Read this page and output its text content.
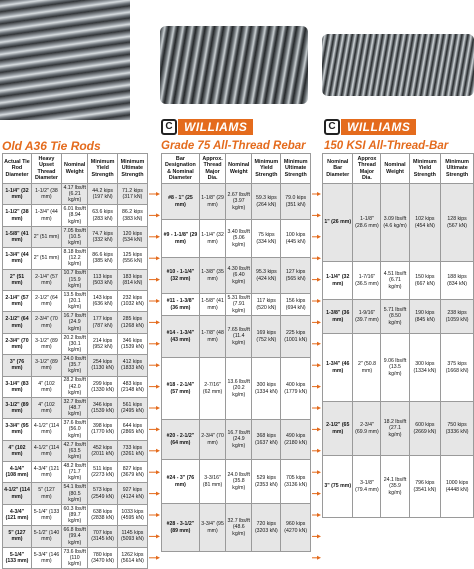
Old A36 Tie Rods
C WILLIAMS
Grade 75 All-Thread Rebar
C WILLIAMS
150 KSI All-Thread-Bar
Actual Tie Rod Diameter	Heavy Upset Thread Diameter	Nominal Weight	Minimum Yield Strength	Minimum Ultimate Strength
1-1/4" (32 mm)	1-1/2" (38 mm)	4.17 lbs/ft (6.21 kg/m)	44.2 kips (197 kN)	71.2 kips (317 kN)
1-1/2" (38 mm)	1-3/4" (44 mm)	6.01 lbs/ft (8.94 kg/m)	63.6 kips (283 kN)	86.2 kips (383 kN)
1-5/8" (41 mm)	2" (51 mm)	7.05 lbs/ft (10.5 kg/m)	74.7 kips (332 kN)	120 kips (534 kN)
1-3/4" (44 mm)	2" (51 mm)	8.18 lbs/ft (12.2 kg/m)	86.6 kips (385 kN)	125 kips (556 kN)
2" (51 mm)	2-1/4" (57 mm)	10.7 lbs/ft (15.9 kg/m)	113 kips (503 kN)	183 kips (814 kN)
2-1/4" (57 mm)	2-1/2" (64 mm)	13.5 lbs/ft (20.1 kg/m)	143 kips (636 kN)	232 kips (1032 kN)
2-1/2" (64 mm)	2-3/4" (70 mm)	16.7 lbs/ft (24.9 kg/m)	177 kips (787 kN)	285 kips (1268 kN)
2-3/4" (70 mm)	3-1/2" (89 mm)	20.2 lbs/ft (30.1 kg/m)	214 kips (952 kN)	346 kips (1539 kN)
3" (76 mm)	3-1/2" (89 mm)	24.0 lbs/ft (35.7 kg/m)	254 kips (1130 kN)	412 kips (1833 kN)
3-1/4" (83 mm)	4" (102 mm)	28.2 lbs/ft (42.0 kg/m)	299 kips (1330 kN)	483 kips (2148 kN)
3-1/2" (89 mm)	4" (102 mm)	32.7 lbs/ft (48.7 kg/m)	346 kips (1539 kN)	561 kips (2495 kN)
3-3/4" (95 mm)	4-1/2" (114 mm)	37.6 lbs/ft (56.0 kg/m)	398 kips (1770 kN)	644 kips (2865 kN)
4" (102 mm)	4-1/2" (114 mm)	42.7 lbs/ft (63.5 kg/m)	452 kips (2011 kN)	733 kips (3261 kN)
4-1/4" (108 mm)	4-3/4" (121 mm)	48.2 lbs/ft (71.7 kg/m)	511 kips (2273 kN)	827 kips (3679 kN)
4-1/2" (114 mm)	5" (127 mm)	54.1 lbs/ft (80.5 kg/m)	573 kips (2549 kN)	927 kips (4124 kN)
4-3/4" (121 mm)	5-1/4" (133 mm)	60.3 lbs/ft (89.7 kg/m)	638 kips (2838 kN)	1033 kips (4595 kN)
5" (127 mm)	5-1/2" (140 mm)	66.8 lbs/ft (99.4 kg/m)	707 kips (3145 kN)	1145 kips (5093 kN)
5-1/4" (133 mm)	5-3/4" (146 mm)	73.6 lbs/ft (110 kg/m)	780 kips (3470 kN)	1262 kips (5614 kN)
Bar Designation & Nominal Diameter	Approx. Thread Major Dia.	Nominal Weight	Minimum Yield Strength	Minimum Ultimate Strength
#8 - 1" (25 mm)	1-1/8" (29 mm)	2.67 lbs/ft (3.97 kg/m)	59.3 kips (264 kN)	79.0 kips (351 kN)
#9 - 1-1/8" (29 mm)	1-1/4" (32 mm)	3.40 lbs/ft (5.06 kg/m)	75 kips (334 kN)	100 kips (445 kN)
#10 - 1-1/4" (32 mm)	1-3/8" (35 mm)	4.30 lbs/ft (6.40 kg/m)	95.3 kips (424 kN)	127 kips (565 kN)
#11 - 1-3/8" (36 mm)	1-5/8" (41 mm)	5.31 lbs/ft (7.91 kg/m)	117 kips (520 kN)	156 kips (694 kN)
#14 - 1-3/4" (43 mm)	1-7/8" (48 mm)	7.65 lbs/ft (11.4 kg/m)	169 kips (752 kN)	225 kips (1001 kN)
#18 - 2-1/4" (57 mm)	2-7/16" (62 mm)	13.6 lbs/ft (20.2 kg/m)	300 kips (1334 kN)	400 kips (1779 kN)
#20 - 2-1/2" (64 mm)	2-3/4" (70 mm)	16.7 lbs/ft (24.9 kg/m)	368 kips (1637 kN)	490 kips (2180 kN)
#24 - 3" (76 mm)	3-3/16" (81 mm)	24.0 lbs/ft (35.8 kg/m)	529 kips (2353 kN)	705 kips (3136 kN)
#28 - 3-1/2" (89 mm)	3-3/4" (95 mm)	32.7 lbs/ft (48.6 kg/m)	720 kips (3203 kN)	960 kips (4270 kN)
Nominal Bar Diameter	Approx Thread Major Dia.	Nominal Weight	Minimum Yield Strength	Minimum Ultimate Strength
1" (26 mm)	1-1/8" (28.6 mm)	3.09 lbs/ft (4.6 kg/m)	102 kips (454 kN)	128 kips (567 kN)
1-1/4" (32 mm)	1-7/16" (36.5 mm)	4.51 lbs/ft (6.71 kg/m)	150 kips (667 kN)	188 kips (834 kN)
1-3/8" (36 mm)	1-9/16" (39.7 mm)	5.71 lbs/ft (8.50 kg/m)	190 kips (845 kN)	238 kips (1059 kN)
1-3/4" (46 mm)	2" (50.8 mm)	9.06 lbs/ft (13.5 kg/m)	300 kips (1334 kN)	375 kips (1668 kN)
2-1/2" (65 mm)	2-3/4" (69.9 mm)	18.2 lbs/ft (27.1 kg/m)	600 kips (2669 kN)	750 kips (3336 kN)
3" (75 mm)	3-1/8" (79.4 mm)	24.1 lbs/ft (35.9 kg/m)	796 kips (3541 kN)	1000 kips (4448 kN)
